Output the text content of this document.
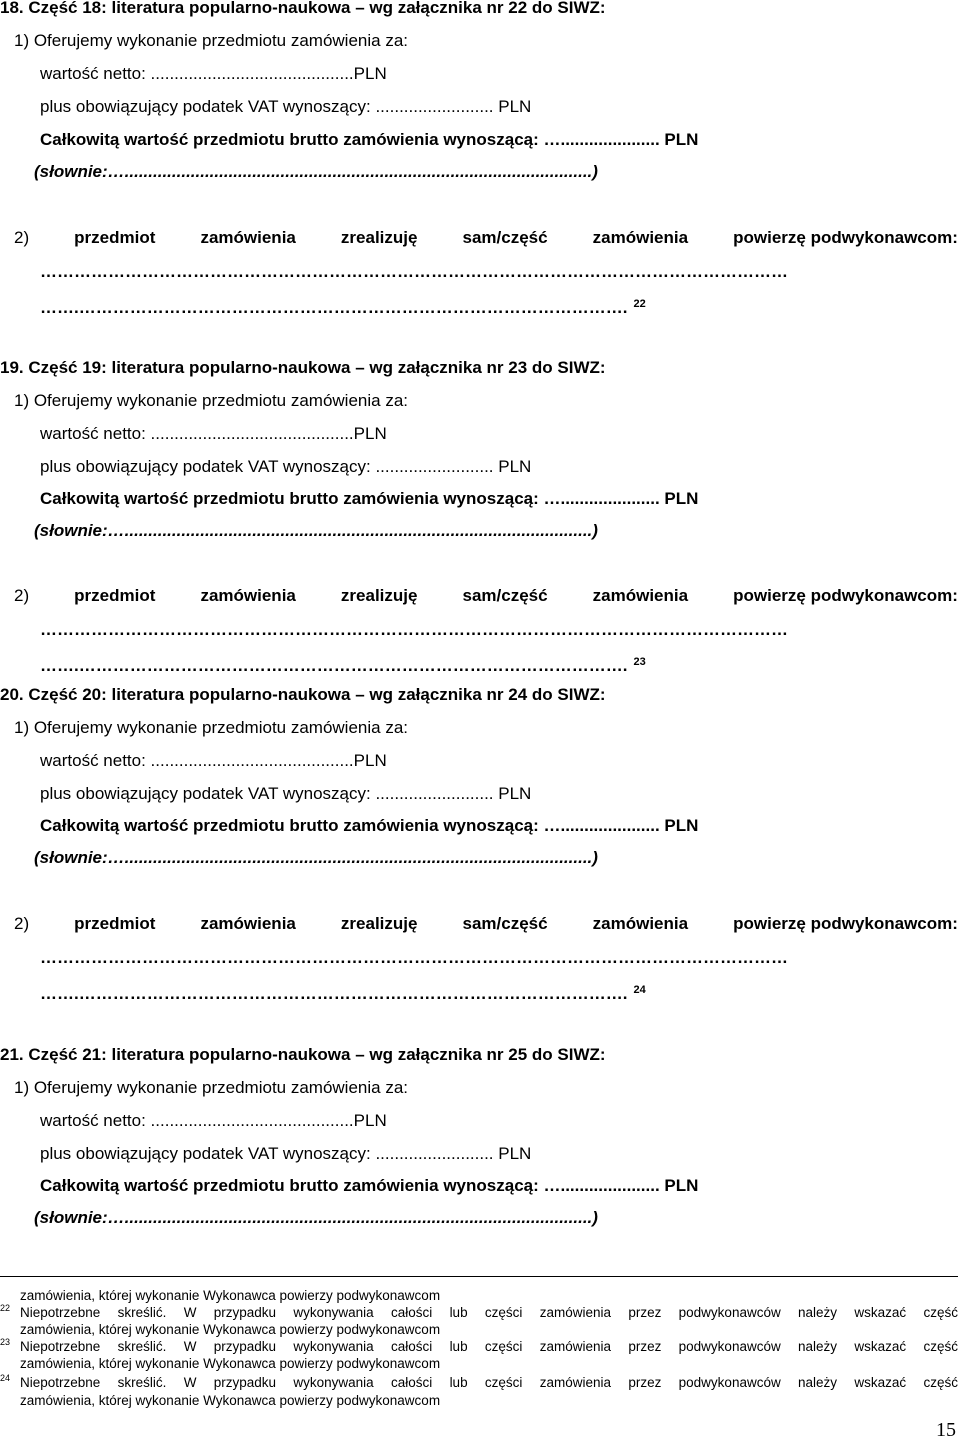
18. Część 18: literatura popularno-naukowa – wg załącznika nr 22 do SIWZ:
1) Oferujemy wykonanie przedmiotu zamówienia za:
wartość netto: ...........................................PLN
plus obowiązujący podatek VAT wynoszący: ......................... PLN
Całkowitą wartość przedmiotu brutto zamówienia wynoszącą: …..................... PLN
(słownie:…...................................................................................................)
2)	przedmiot	zamówienia	zrealizuję	sam/część	zamówienia	powierzę podwykonawcom:
……………………………………………………………………………………………………………………
…….……………………………………………………………………………………. $^{22}$
19. Część 19: literatura popularno-naukowa – wg załącznika nr 23 do SIWZ:
1) Oferujemy wykonanie przedmiotu zamówienia za:
wartość netto: ...........................................PLN
plus obowiązujący podatek VAT wynoszący: ......................... PLN
Całkowitą wartość przedmiotu brutto zamówienia wynoszącą: …..................... PLN
(słownie:…...................................................................................................)
2)	przedmiot	zamówienia	zrealizuję	sam/część	zamówienia	powierzę podwykonawcom:
……………………………………………………………………………………………………………………
…….……………………………………………………………………………………. $^{23}$
20. Część 20: literatura popularno-naukowa – wg załącznika nr 24 do SIWZ:
1) Oferujemy wykonanie przedmiotu zamówienia za:
wartość netto: ...........................................PLN
plus obowiązujący podatek VAT wynoszący: ......................... PLN
Całkowitą wartość przedmiotu brutto zamówienia wynoszącą: …..................... PLN
(słownie:…...................................................................................................)
2)	przedmiot	zamówienia	zrealizuję	sam/część	zamówienia	powierzę podwykonawcom:
……………………………………………………………………………………………………………………
…….……………………………………………………………………………………. $^{24}$
21. Część 21: literatura popularno-naukowa – wg załącznika nr 25 do SIWZ:
1) Oferujemy wykonanie przedmiotu zamówienia za:
wartość netto: ...........................................PLN
plus obowiązujący podatek VAT wynoszący: ......................... PLN
Całkowitą wartość przedmiotu brutto zamówienia wynoszącą: …..................... PLN
(słownie:…...................................................................................................)
zamówienia, której wykonanie Wykonawca powierzy podwykonawcom
22 Niepotrzebne skreślić. W przypadku wykonywania całości lub części zamówienia przez podwykonawców należy wskazać część
zamówienia, której wykonanie Wykonawca powierzy podwykonawcom
23 Niepotrzebne skreślić. W przypadku wykonywania całości lub części zamówienia przez podwykonawców należy wskazać część
zamówienia, której wykonanie Wykonawca powierzy podwykonawcom
24 Niepotrzebne skreślić. W przypadku wykonywania całości lub części zamówienia przez podwykonawców należy wskazać część
zamówienia, której wykonanie Wykonawca powierzy podwykonawcom
15
